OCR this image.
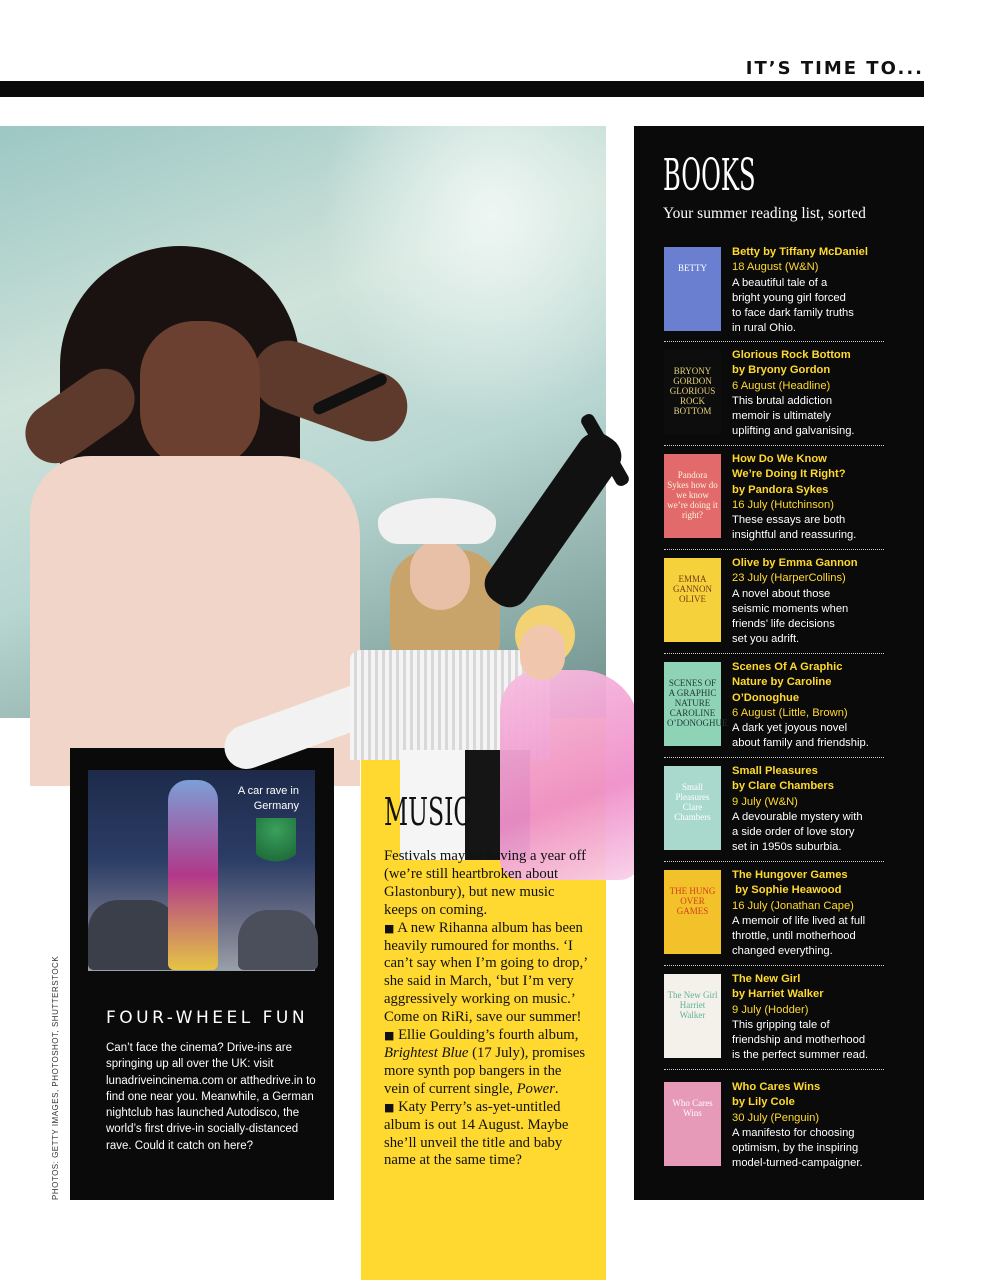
IT’S TIME TO...
A car rave in Germany
FOUR-WHEEL FUN
Can’t face the cinema? Drive-ins are springing up all over the UK: visit lunadriveincinema.com or atthedrive.in to find one near you. Meanwhile, a German nightclub has launched Autodisco, the world’s first drive-in socially-distanced rave. Could it catch on here?
PHOTOS: GETTY IMAGES, PHOTOSHOT, SHUTTERSTOCK
MUSIC

Festivals may be having a year off (we’re still heartbroken about Glastonbury), but new music keeps on coming.

■ A new Rihanna album has been heavily rumoured for months. ‘I can’t say when I’m going to drop,’ she said in March, ‘but I’m very aggressively working on music.’ Come on RiRi, save our summer!

■ Ellie Goulding’s fourth album, Brightest Blue (17 July), promises more synth pop bangers in the vein of current single, Power.

■ Katy Perry’s as-yet-untitled album is out 14 August. Maybe she’ll unveil the title and baby name at the same time?

BOOKS
Your summer reading list, sorted
BETTY
Betty by Tiffany McDaniel
18 August (W&N)
A beautiful tale of a
bright young girl forced
to face dark family truths
in rural Ohio.
BRYONY GORDON GLORIOUS ROCK BOTTOM
Glorious Rock Bottom
by Bryony Gordon
6 August (Headline)
This brutal addiction
memoir is ultimately
uplifting and galvanising.
Pandora Sykes how do we know we’re doing it right?
How Do We Know
We’re Doing It Right?
by Pandora Sykes
16 July (Hutchinson)
These essays are both
insightful and reassuring.
EMMA GANNON OLIVE
Olive by Emma Gannon
23 July (HarperCollins)
A novel about those
seismic moments when
friends’ life decisions
set you adrift.
SCENES OF A GRAPHIC NATURE CAROLINE O’DONOGHUE
Scenes Of A Graphic
Nature by Caroline
O’Donoghue
6 August (Little, Brown)
A dark yet joyous novel
about family and friendship.
Small Pleasures Clare Chambers
Small Pleasures
by Clare Chambers
9 July (W&N)
A devourable mystery with
a side order of love story
set in 1950s suburbia.
THE HUNG OVER GAMES
The Hungover Games
by Sophie Heawood
16 July (Jonathan Cape)
A memoir of life lived at full
throttle, until motherhood
changed everything.
The New Girl Harriet Walker
The New Girl
by Harriet Walker
9 July (Hodder)
This gripping tale of
friendship and motherhood
is the perfect summer read.
Who Cares Wins
Who Cares Wins
by Lily Cole
30 July (Penguin)
A manifesto for choosing
optimism, by the inspiring
model-turned-campaigner.
